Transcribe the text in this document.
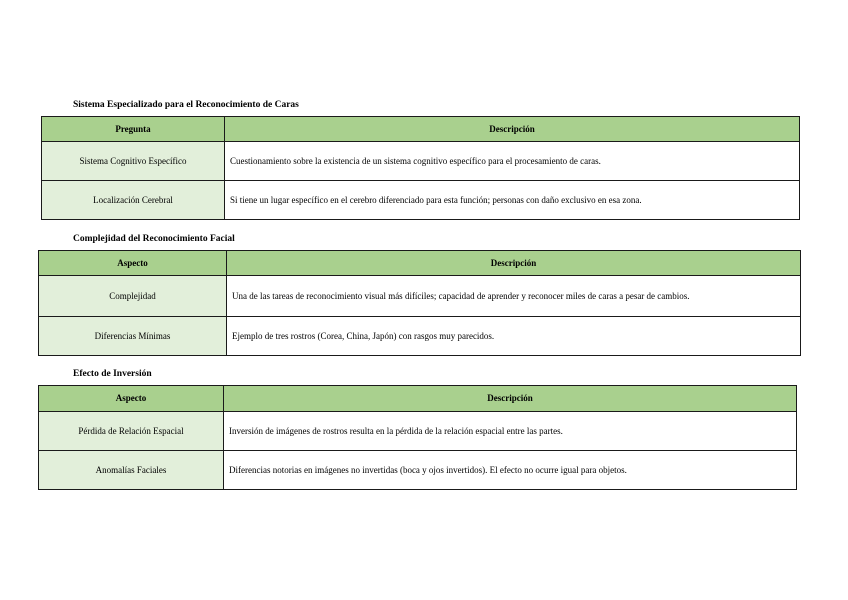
Sistema Especializado para el Reconocimiento de Caras
Pregunta	Descripción
Sistema Cognitivo Específico	Cuestionamiento sobre la existencia de un sistema cognitivo específico para el procesamiento de caras.
Localización Cerebral	Si tiene un lugar específico en el cerebro diferenciado para esta función; personas con daño exclusivo en esa zona.
Complejidad del Reconocimiento Facial
Aspecto	Descripción
Complejidad	Una de las tareas de reconocimiento visual más difíciles; capacidad de aprender y reconocer miles de caras a pesar de cambios.
Diferencias Mínimas	Ejemplo de tres rostros (Corea, China, Japón) con rasgos muy parecidos.
Efecto de Inversión
Aspecto	Descripción
Pérdida de Relación Espacial	Inversión de imágenes de rostros resulta en la pérdida de la relación espacial entre las partes.
Anomalías Faciales	Diferencias notorias en imágenes no invertidas (boca y ojos invertidos). El efecto no ocurre igual para objetos.
